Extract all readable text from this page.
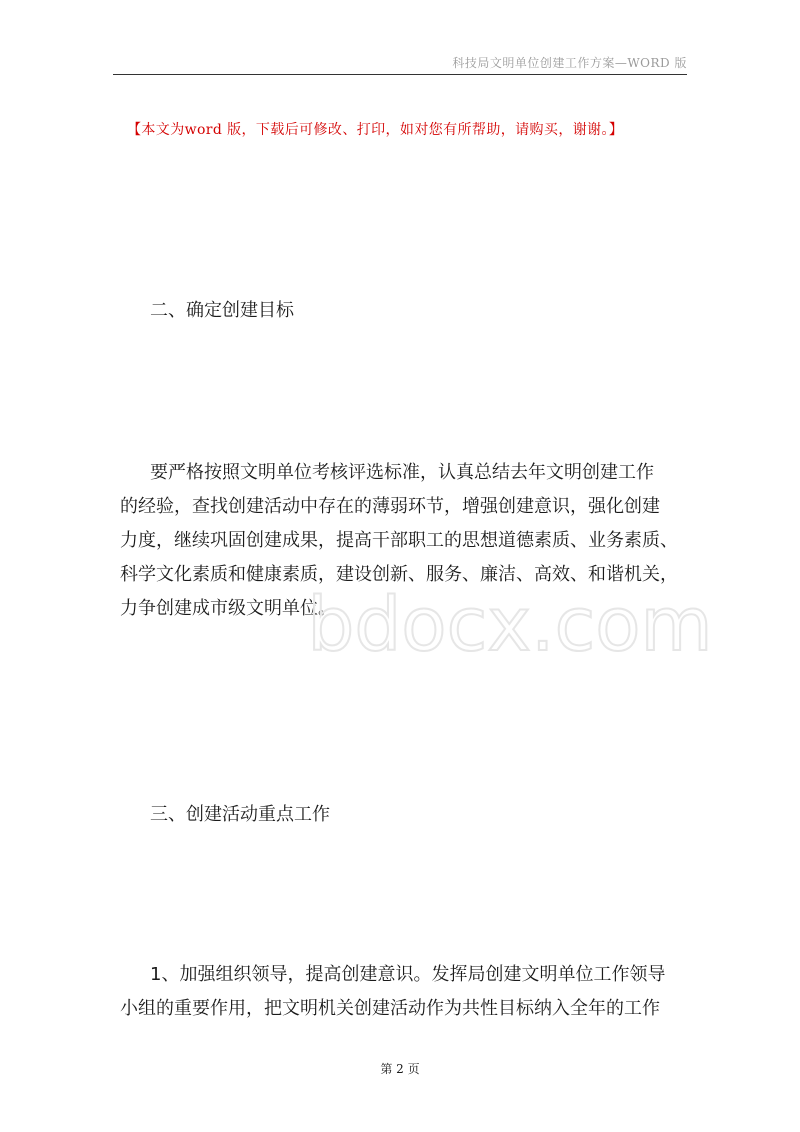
科技局文明单位创建工作方案—WORD 版
【本文为word 版，下载后可修改、打印，如对您有所帮助，请购买，谢谢。】
二、确定创建目标

要严格按照文明单位考核评选标准，认真总结去年文明创建工作
的经验，查找创建活动中存在的薄弱环节，增强创建意识，强化创建
力度，继续巩固创建成果，提高干部职工的思想道德素质、业务素质、
科学文化素质和健康素质，建设创新、服务、廉洁、高效、和谐机关，
力争创建成市级文明单位。

bdocx.com
三、创建活动重点工作

1、加强组织领导，提高创建意识。发挥局创建文明单位工作领导
小组的重要作用，把文明机关创建活动作为共性目标纳入全年的工作

第 2 页
